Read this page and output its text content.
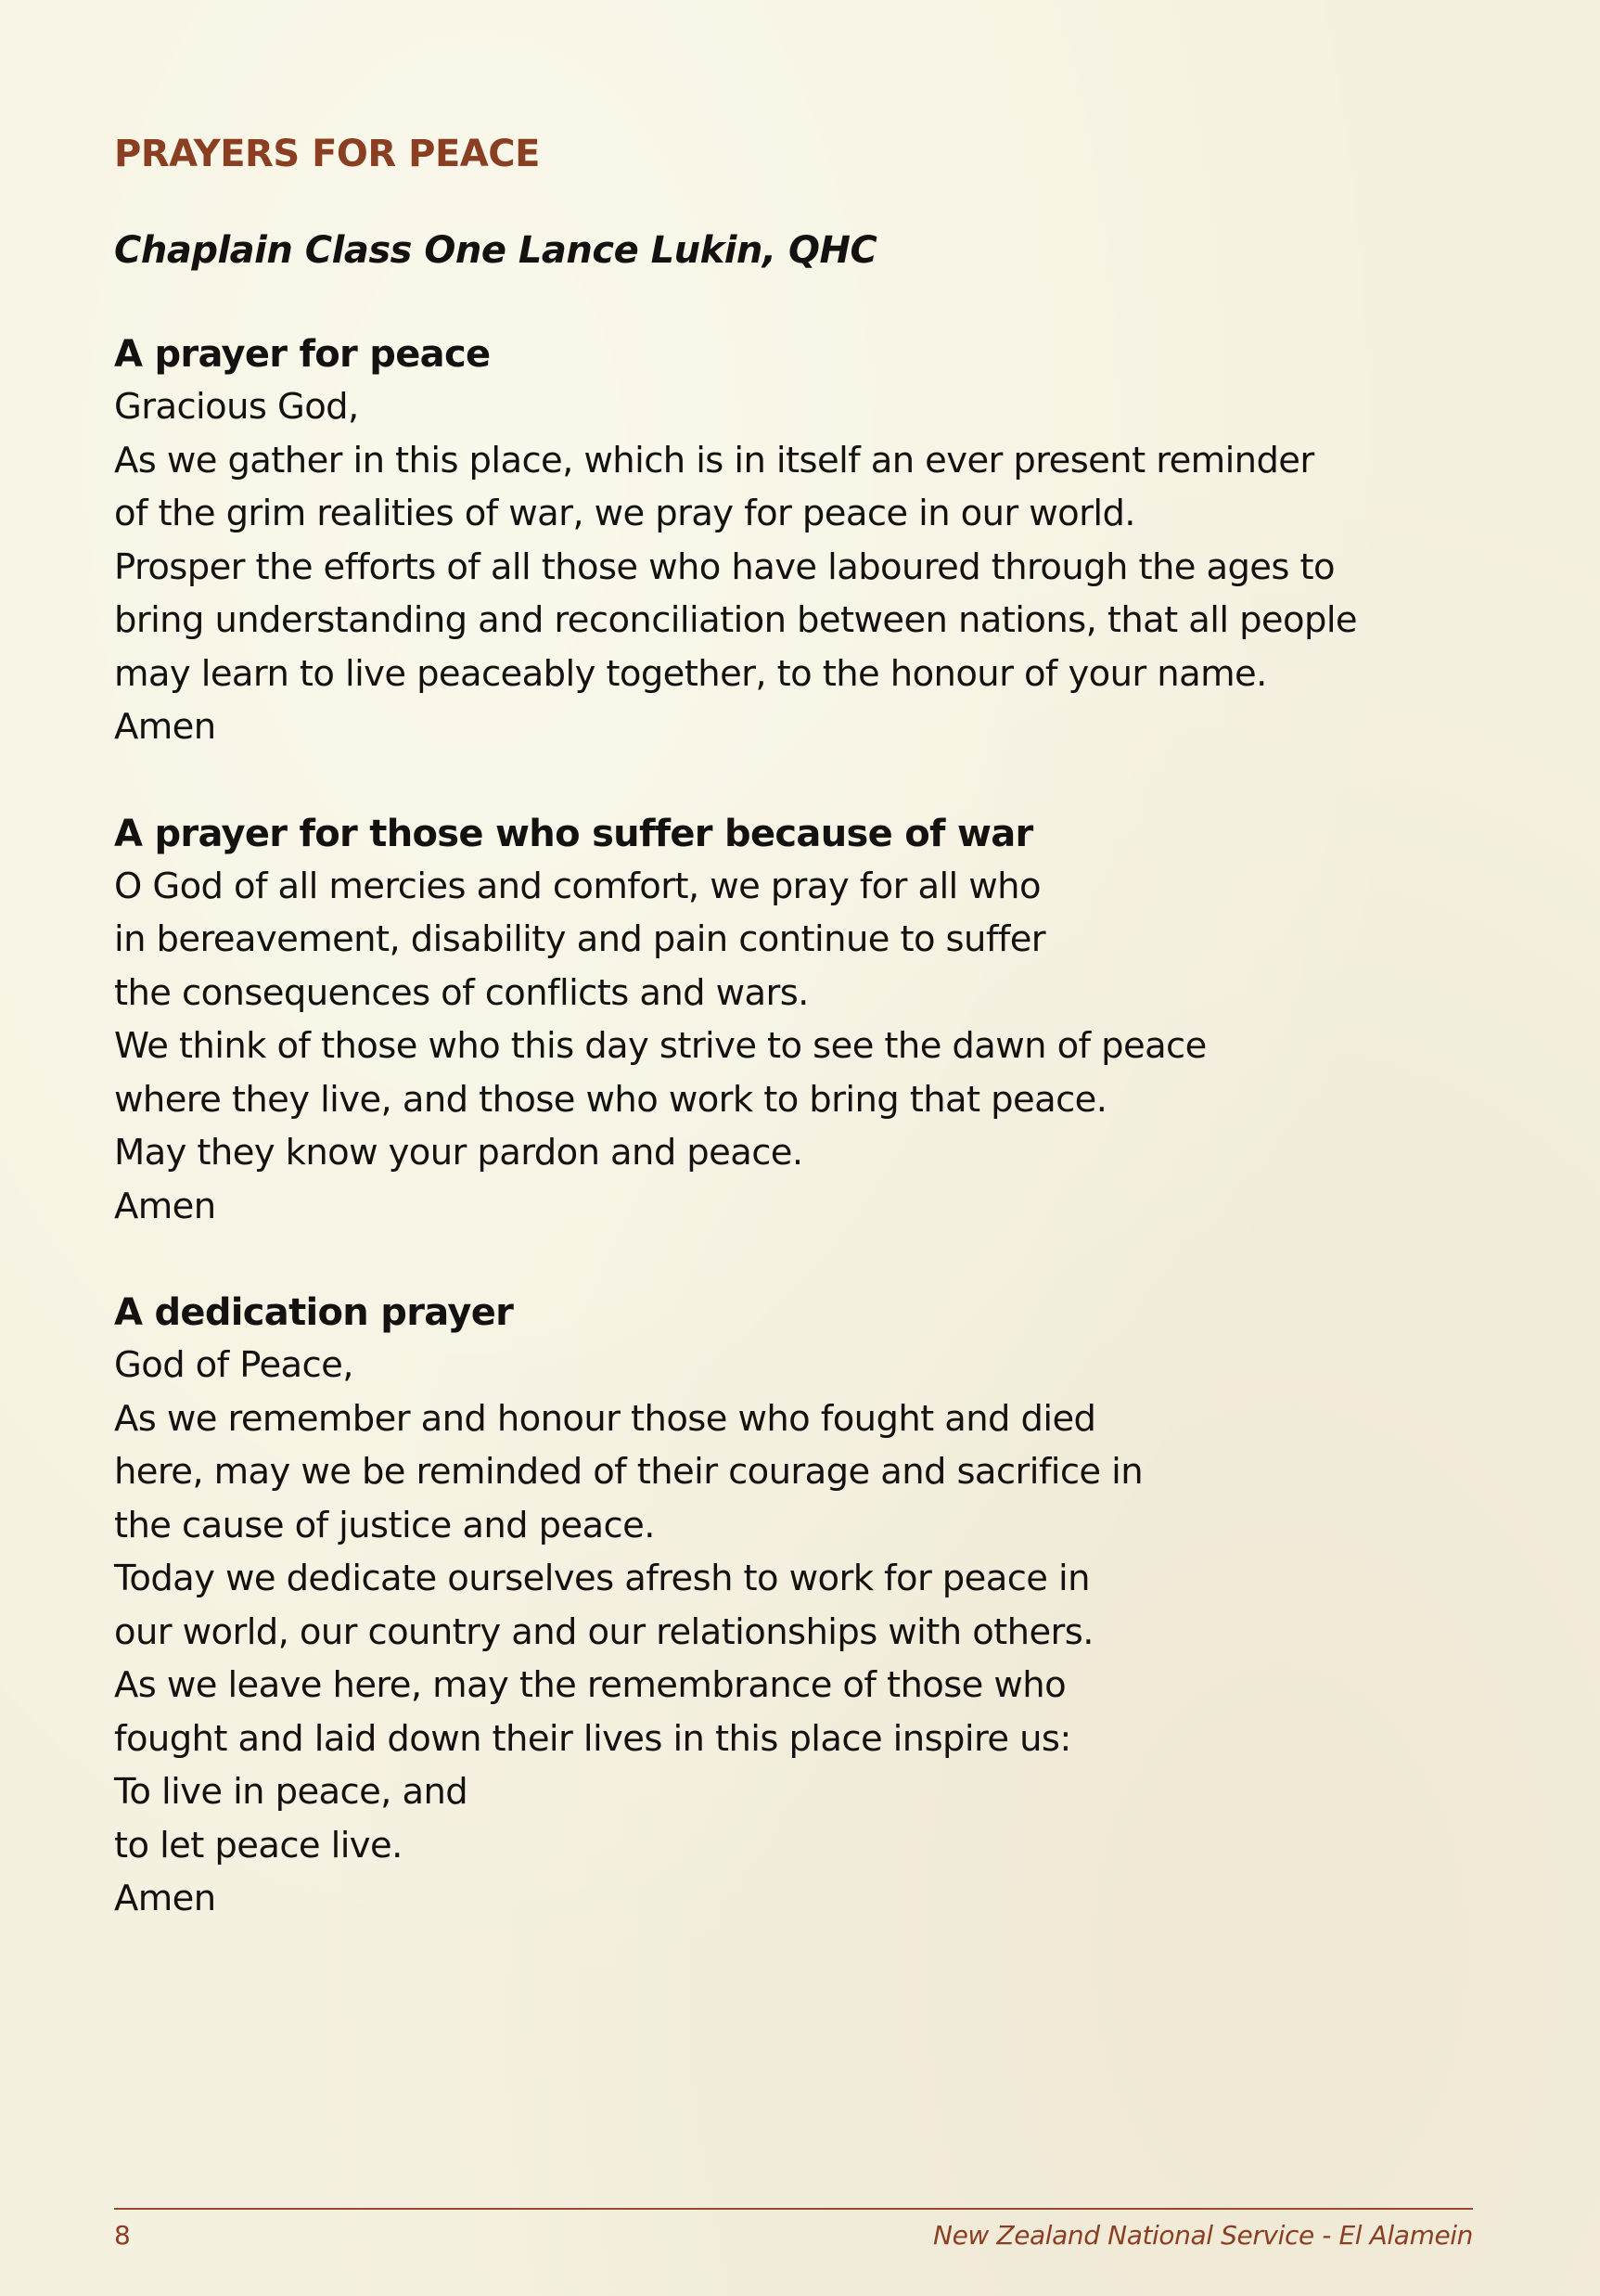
PRAYERS FOR PEACE

Chaplain Class One Lance Lukin, QHC

A prayer for peace

Gracious God,

As we gather in this place, which is in itself an ever present reminder

of the grim realities of war, we pray for peace in our world.

Prosper the efforts of all those who have laboured through the ages to

bring understanding and reconciliation between nations, that all people

may learn to live peaceably together, to the honour of your name.

Amen

A prayer for those who suffer because of war

O God of all mercies and comfort, we pray for all who

in bereavement, disability and pain continue to suffer

the consequences of conflicts and wars.

We think of those who this day strive to see the dawn of peace

where they live, and those who work to bring that peace.

May they know your pardon and peace.

Amen

A dedication prayer

God of Peace,

As we remember and honour those who fought and died

here, may we be reminded of their courage and sacrifice in

the cause of justice and peace.

Today we dedicate ourselves afresh to work for peace in

our world, our country and our relationships with others.

As we leave here, may the remembrance of those who

fought and laid down their lives in this place inspire us:

To live in peace, and

to let peace live.

Amen

8	New Zealand National Service - El Alamein
